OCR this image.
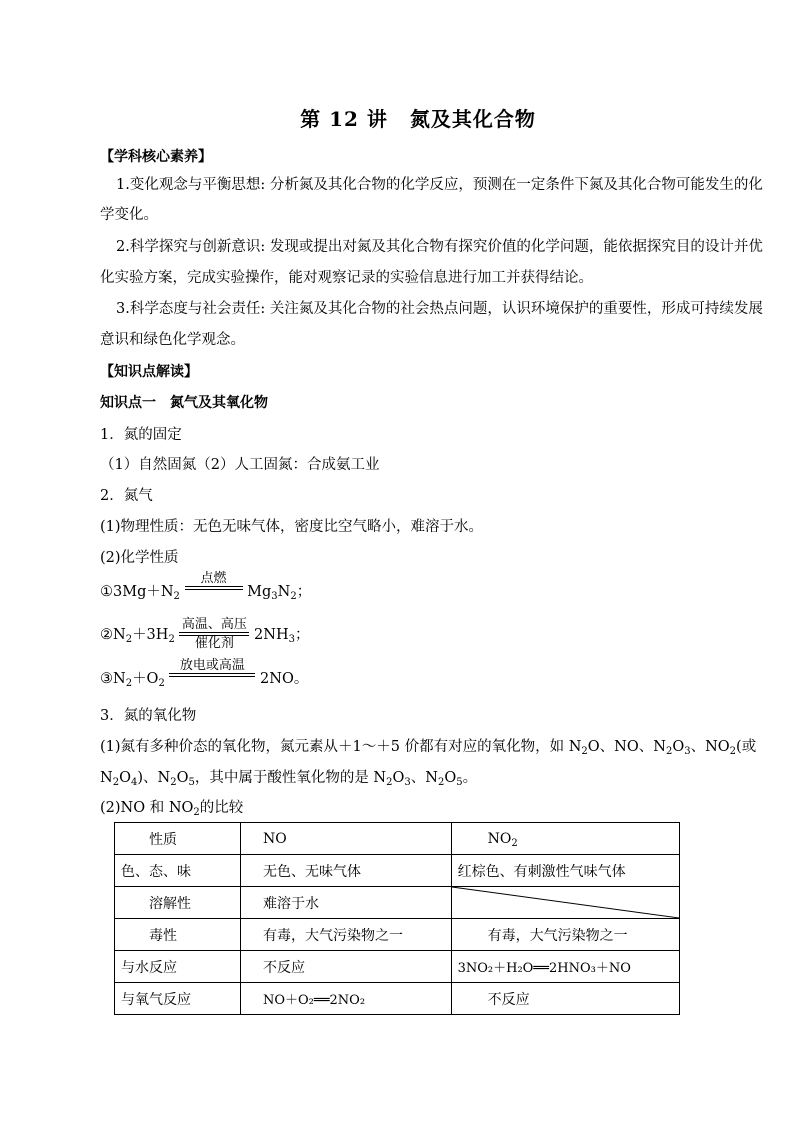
第 12 讲 氮及其化合物
【学科核心素养】
1.变化观念与平衡思想: 分析氮及其化合物的化学反应，预测在一定条件下氮及其化合物可能发生的化
学变化。
2.科学探究与创新意识: 发现或提出对氮及其化合物有探究价值的化学问题，能依据探究目的设计并优
化实验方案，完成实验操作，能对观察记录的实验信息进行加工并获得结论。
3.科学态度与社会责任: 关注氮及其化合物的社会热点问题，认识环境保护的重要性，形成可持续发展
意识和绿色化学观念。
【知识点解读】
知识点一　氮气及其氧化物
1．氮的固定
（1）自然固氮（2）人工固氮：合成氨工业
2．氮气
(1)物理性质：无色无味气体，密度比空气略小，难溶于水。
(2)化学性质
$①3Mg+N_2$
点燃

$Mg_3N_2$；
$②N_2+3H_2 \frac{\text{高温、高压}}{\text{催化剂}} 2NH_3$；
$③N_2+O_2$
放电或高温

2NO。
3．氮的氧化物
(1)氮有多种价态的氧化物，氮元素从＋1～＋5 价都有对应的氧化物，如 $N_2O$、NO、$N_2O_3$、$NO_2$(或
$N_2O_4$)、$N_2O_5$，其中属于酸性氧化物的是 $N_2O_3$、$N_2O_5$。
(2)NO 和 $NO_2$的比较
性质	NO	$NO_2$
色、态、味	无色、无味气体	红棕色、有刺激性气味气体
溶解性	难溶于水	

毒性	有毒，大气污染物之一	有毒，大气污染物之一
与水反应	不反应	3NO₂＋H₂O══2HNO₃＋NO
与氧气反应	NO＋O₂══2NO₂	不反应
